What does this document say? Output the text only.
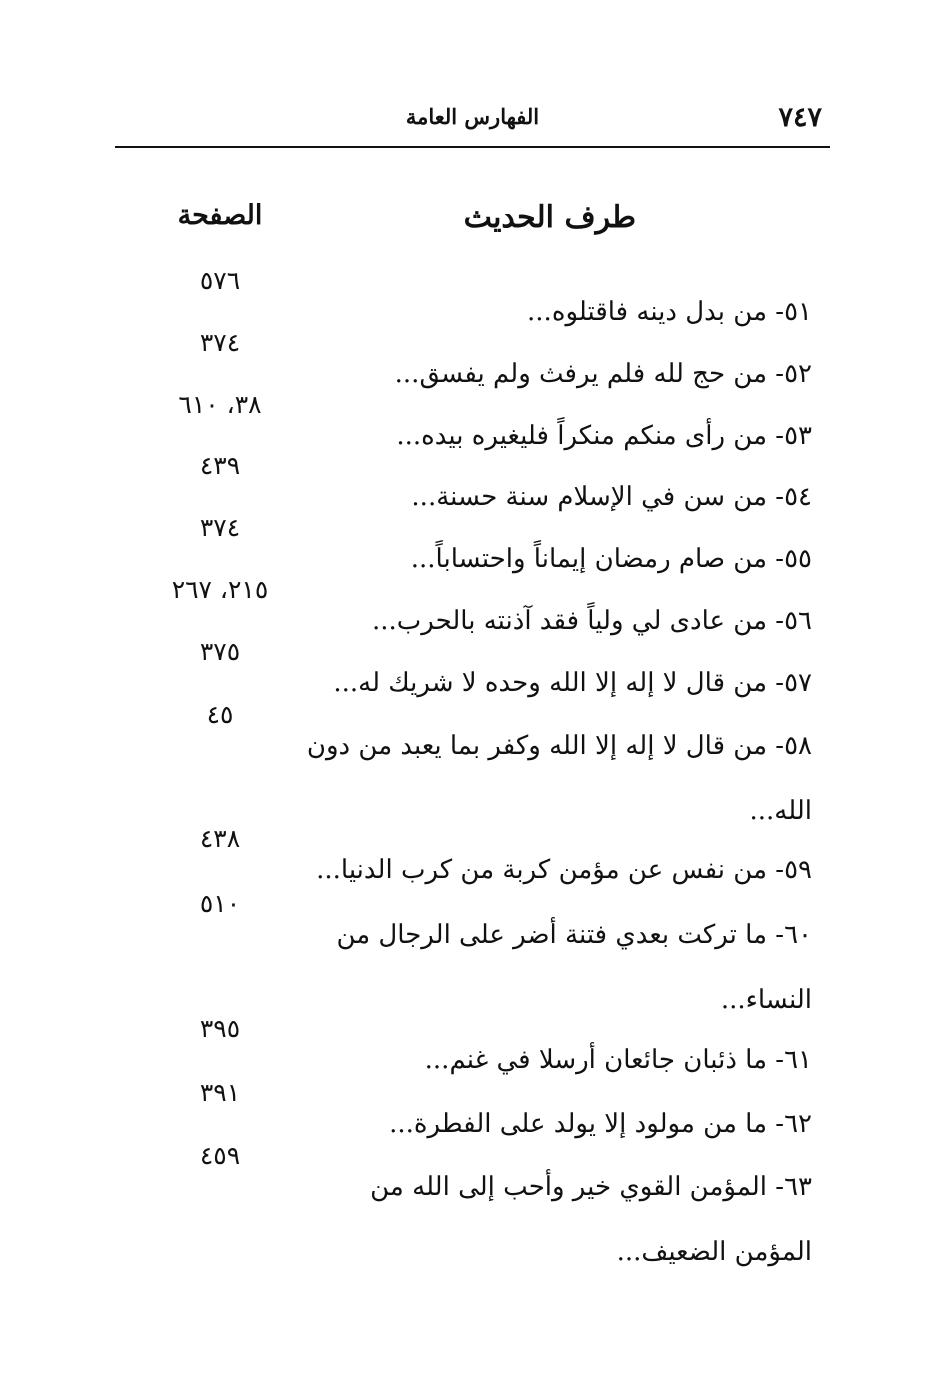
٧٤٧
الفهارس العامة
طرف الحديث
الصفحة
٥١- من بدل دينه فاقتلوه...
٥٧٦
٥٢- من حج لله فلم يرفث ولم يفسق...
٣٧٤
٥٣- من رأى منكم منكراً فليغيره بيده...
٣٨، ٦١٠
٥٤- من سن في الإسلام سنة حسنة...
٤٣٩
٥٥- من صام رمضان إيماناً واحتساباً...
٣٧٤
٥٦- من عادى لي ولياً فقد آذنته بالحرب...
٢١٥، ٢٦٧
٥٧- من قال لا إله إلا الله وحده لا شريك له...
٣٧٥
٥٨- من قال لا إله إلا الله وكفر بما يعبد من دون الله...
٤٥
٥٩- من نفس عن مؤمن كربة من كرب الدنيا...
٤٣٨
٦٠- ما تركت بعدي فتنة أضر على الرجال من النساء...
٥١٠
٦١- ما ذئبان جائعان أرسلا في غنم...
٣٩٥
٦٢- ما من مولود إلا يولد على الفطرة...
٣٩١
٦٣- المؤمن القوي خير وأحب إلى الله من المؤمن الضعيف...
٤٥٩
